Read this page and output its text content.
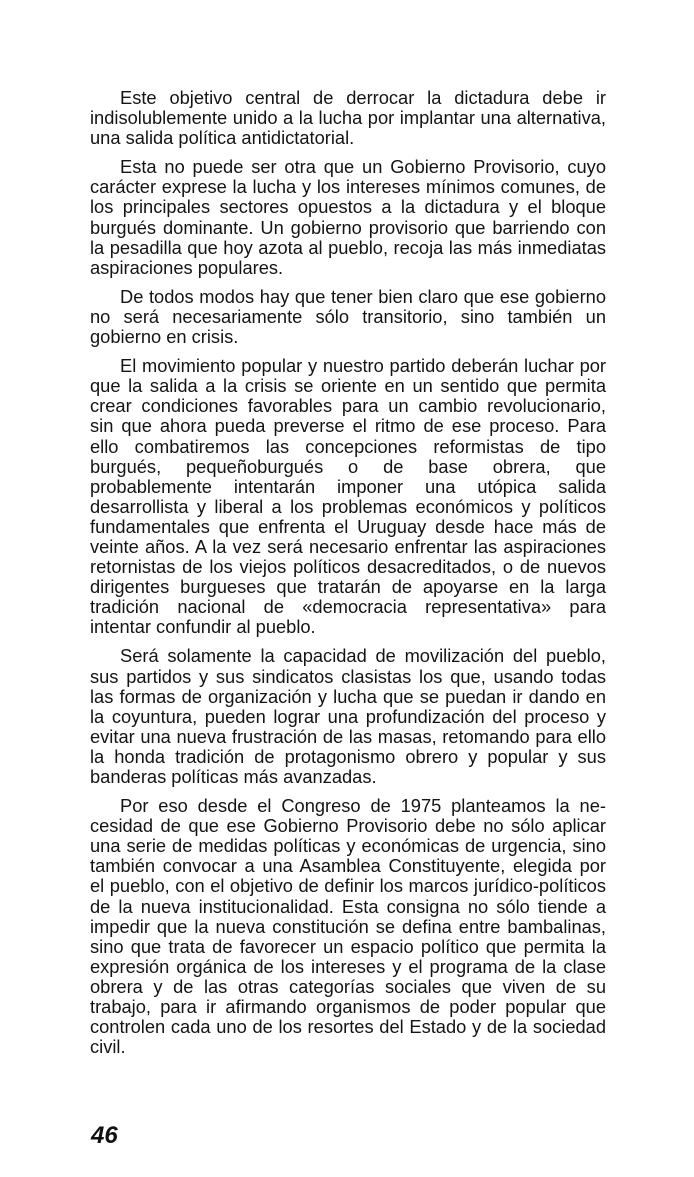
Este objetivo central de derrocar la dictadura debe ir indisolublemente unido a la lucha por implantar una alternativa, una salida política antidictatorial.

Esta no puede ser otra que un Gobierno Provisorio, cuyo carácter exprese la lucha y los intereses mínimos comunes, de los principales sectores opuestos a la dictadura y el bloque burgués dominante. Un gobierno provisorio que barriendo con la pesadilla que hoy azota al pueblo, recoja las más inmediatas aspiraciones populares.

De todos modos hay que tener bien claro que ese gobierno no será necesariamente sólo transitorio, sino también un gobierno en crisis.

El movimiento popular y nuestro partido deberán luchar por que la salida a la crisis se oriente en un sentido que permita crear condiciones favorables para un cambio revolucionario, sin que ahora pueda preverse el ritmo de ese proceso. Para ello combatiremos las concepciones reformistas de tipo burgués, pequeñoburgués o de base obrera, que probablemente intentarán imponer una utópica salida desarrollista y liberal a los problemas económicos y políticos fundamentales que enfrenta el Uruguay desde hace más de veinte años. A la vez será necesario enfrentar las aspiraciones retornistas de los viejos políticos desacreditados, o de nuevos dirigentes burgueses que tratarán de apoyarse en la larga tradición nacional de «democracia representativa» para intentar confundir al pueblo.

Será solamente la capacidad de movilización del pueblo, sus partidos y sus sindicatos clasistas los que, usando todas las formas de organización y lucha que se puedan ir dando en la coyuntura, pueden lograr una profundización del proceso y evitar una nueva frustración de las masas, retomando para ello la honda tradición de protagonismo obrero y popular y sus banderas políticas más avanzadas.

Por eso desde el Congreso de 1975 planteamos la necesidad de que ese Gobierno Provisorio debe no sólo aplicar una serie de medidas políticas y económicas de urgencia, sino también convocar a una Asamblea Constituyente, elegida por el pueblo, con el objetivo de definir los marcos jurídico-políticos de la nueva institucionalidad. Esta consigna no sólo tiende a impedir que la nueva constitución se defina entre bambalinas, sino que trata de favorecer un espacio político que permita la expresión orgánica de los intereses y el programa de la clase obrera y de las otras categorías sociales que viven de su trabajo, para ir afirmando organismos de poder popular que controlen cada uno de los resortes del Estado y de la sociedad civil.

46
